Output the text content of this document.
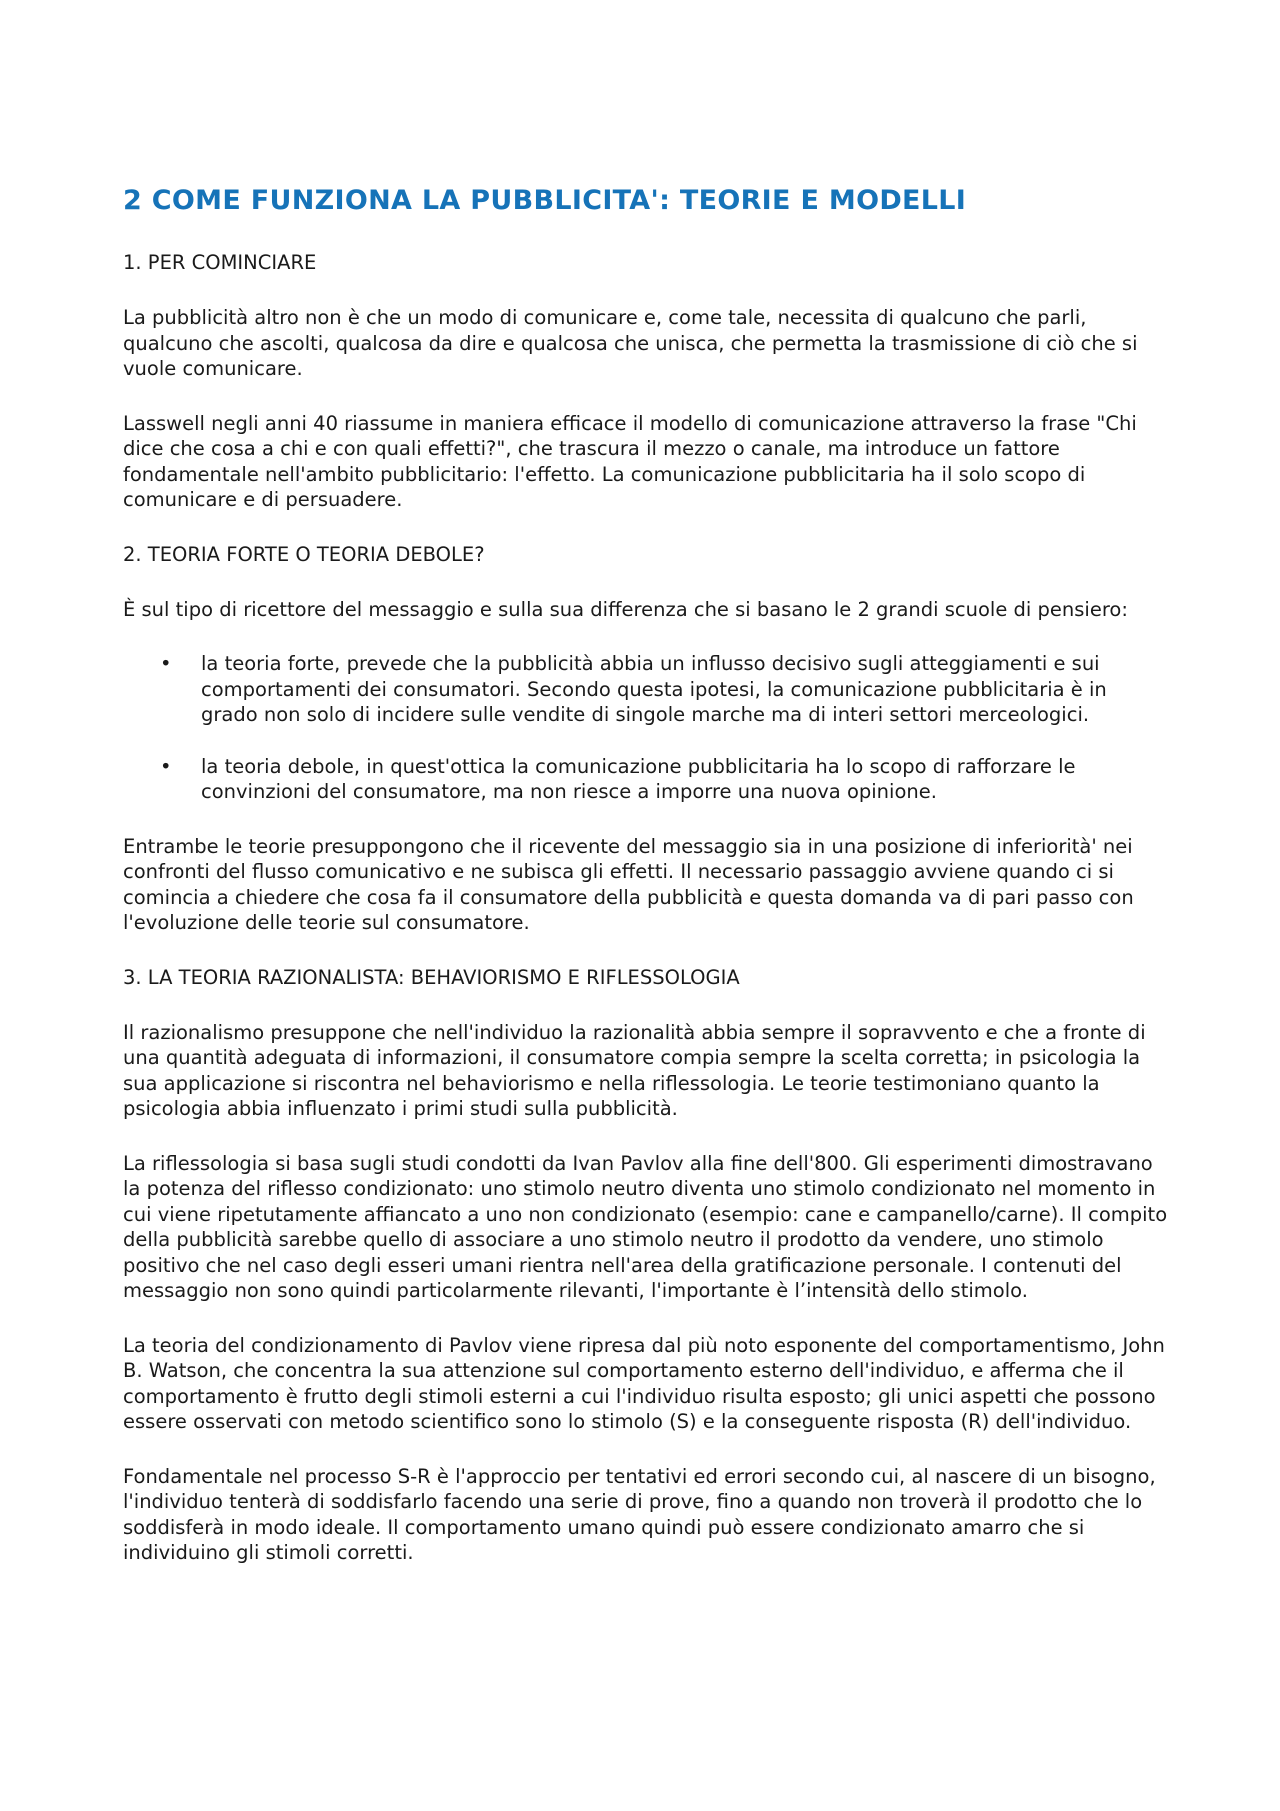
2 COME FUNZIONA LA PUBBLICITA': TEORIE E MODELLI
1. PER COMINCIARE

La pubblicità altro non è che un modo di comunicare e, come tale, necessita di qualcuno che parli, qualcuno che ascolti, qualcosa da dire e qualcosa che unisca, che permetta la trasmissione di ciò che si vuole comunicare.

Lasswell negli anni 40 riassume in maniera efficace il modello di comunicazione attraverso la frase "Chi dice che cosa a chi e con quali effetti?", che trascura il mezzo o canale, ma introduce un fattore fondamentale nell'ambito pubblicitario: l'effetto. La comunicazione pubblicitaria ha il solo scopo di comunicare e di persuadere.

2. TEORIA FORTE O TEORIA DEBOLE?

È sul tipo di ricettore del messaggio e sulla sua differenza che si basano le 2 grandi scuole di pensiero:

• la teoria forte, prevede che la pubblicità abbia un influsso decisivo sugli atteggiamenti e sui comportamenti dei consumatori. Secondo questa ipotesi, la comunicazione pubblicitaria è in grado non solo di incidere sulle vendite di singole marche ma di interi settori merceologici.
• la teoria debole, in quest'ottica la comunicazione pubblicitaria ha lo scopo di rafforzare le convinzioni del consumatore, ma non riesce a imporre una nuova opinione.

Entrambe le teorie presuppongono che il ricevente del messaggio sia in una posizione di inferiorità' nei confronti del flusso comunicativo e ne subisca gli effetti. Il necessario passaggio avviene quando ci si comincia a chiedere che cosa fa il consumatore della pubblicità e questa domanda va di pari passo con l'evoluzione delle teorie sul consumatore.

3. LA TEORIA RAZIONALISTA: BEHAVIORISMO E RIFLESSOLOGIA

Il razionalismo presuppone che nell'individuo la razionalità abbia sempre il sopravvento e che a fronte di una quantità adeguata di informazioni, il consumatore compia sempre la scelta corretta; in psicologia la sua applicazione si riscontra nel behaviorismo e nella riflessologia. Le teorie testimoniano quanto la psicologia abbia influenzato i primi studi sulla pubblicità.

La riflessologia si basa sugli studi condotti da Ivan Pavlov alla fine dell'800. Gli esperimenti dimostravano la potenza del riflesso condizionato: uno stimolo neutro diventa uno stimolo condizionato nel momento in cui viene ripetutamente affiancato a uno non condizionato (esempio: cane e campanello/carne). Il compito della pubblicità sarebbe quello di associare a uno stimolo neutro il prodotto da vendere, uno stimolo positivo che nel caso degli esseri umani rientra nell'area della gratificazione personale. I contenuti del messaggio non sono quindi particolarmente rilevanti, l'importante è l’intensità dello stimolo.

La teoria del condizionamento di Pavlov viene ripresa dal più noto esponente del comportamentismo, John B. Watson, che concentra la sua attenzione sul comportamento esterno dell'individuo, e afferma che il comportamento è frutto degli stimoli esterni a cui l'individuo risulta esposto; gli unici aspetti che possono essere osservati con metodo scientifico sono lo stimolo (S) e la conseguente risposta (R) dell'individuo.

Fondamentale nel processo S-R è l'approccio per tentativi ed errori secondo cui, al nascere di un bisogno, l'individuo tenterà di soddisfarlo facendo una serie di prove, fino a quando non troverà il prodotto che lo soddisferà in modo ideale. Il comportamento umano quindi può essere condizionato amarro che si individuino gli stimoli corretti.
